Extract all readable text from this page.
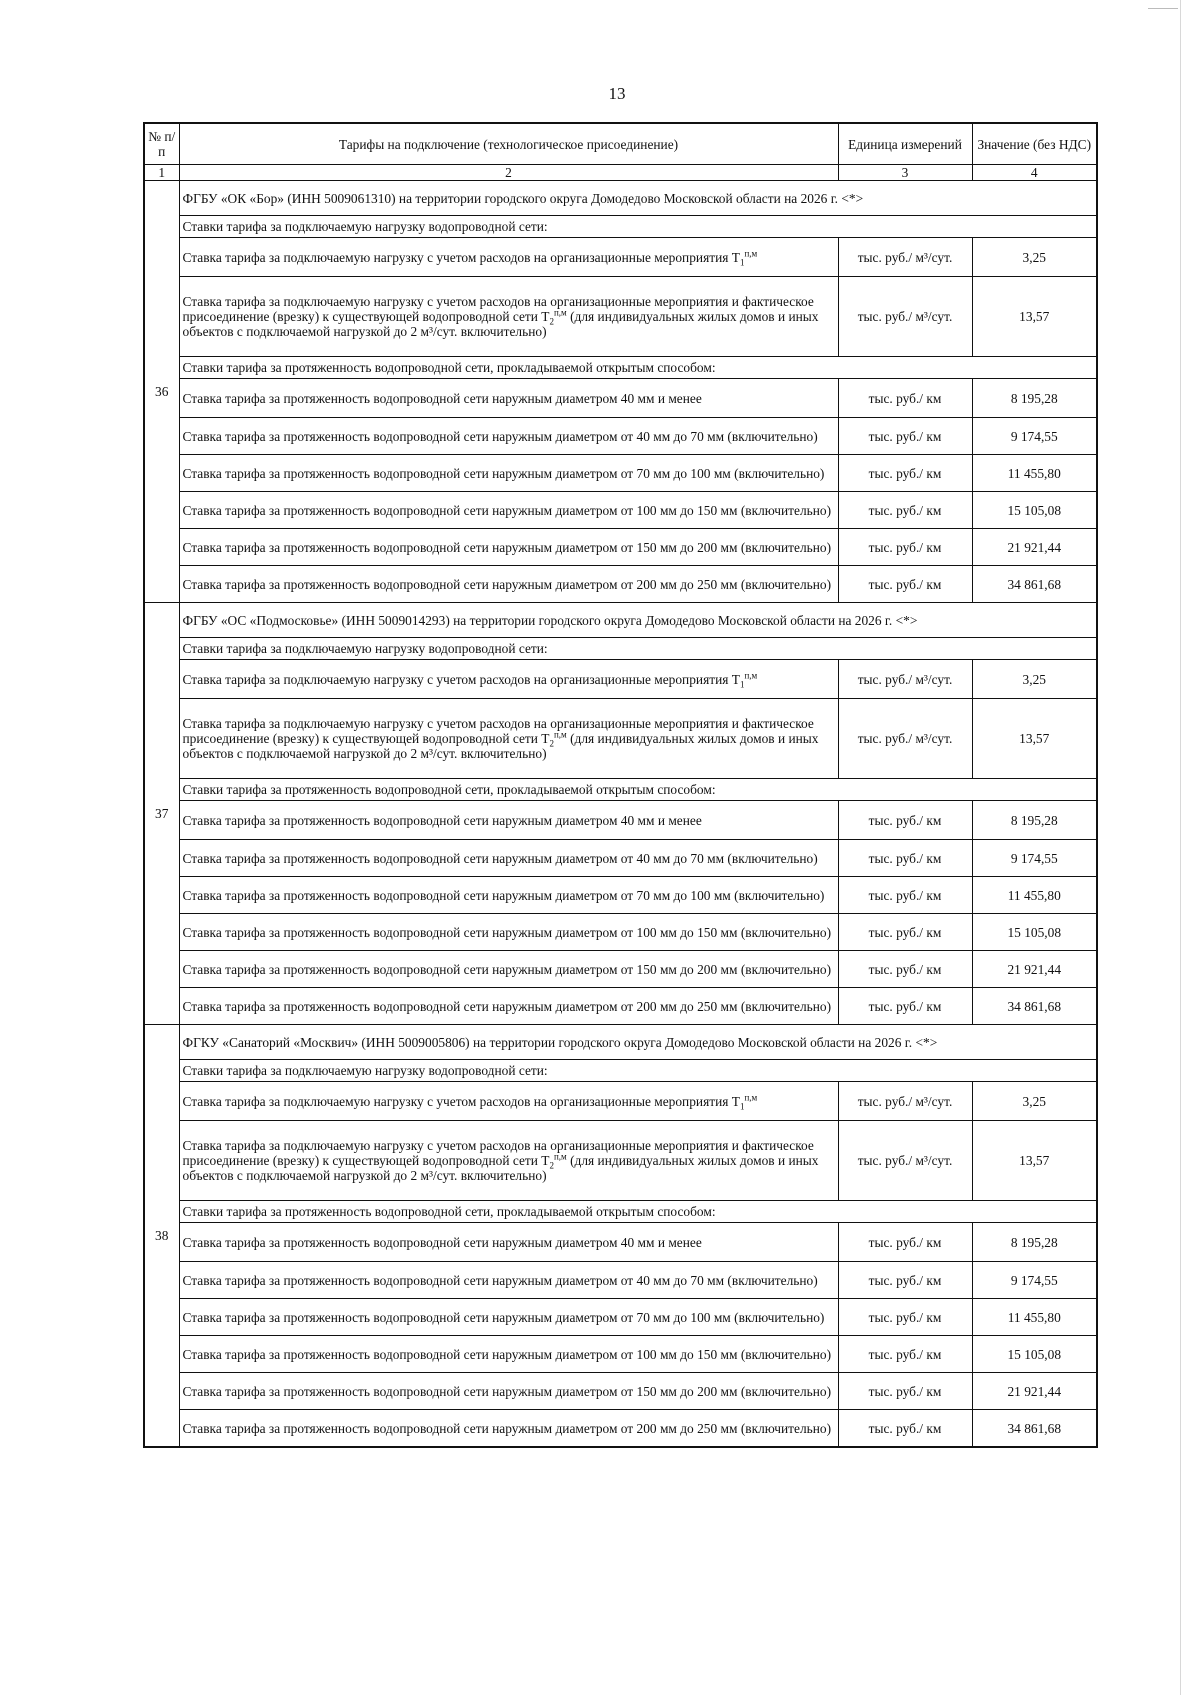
13
№ п/п	Тарифы на подключение (технологическое присоединение)	Единица измерений	Значение (без НДС)
1	2	3	4
36	ФГБУ «ОК «Бор» (ИНН 5009061310) на территории городского округа Домодедово Московской области на 2026 г. <*>		
	Ставки тарифа за подключаемую нагрузку водопроводной сети:		
	Ставка тарифа за подключаемую нагрузку с учетом расходов на организационные мероприятия $Т_1^{п,м}$	тыс. руб./ м³/сут.	3,25
	Ставка тарифа за подключаемую нагрузку с учетом расходов на организационные мероприятия и фактическое присоединение (врезку) к существующей водопроводной сети $Т_2^{п,м}$ (для индивидуальных жилых домов и иных объектов с подключаемой нагрузкой до 2 м³/сут. включительно)	тыс. руб./ м³/сут.	13,57
	Ставки тарифа за протяженность водопроводной сети, прокладываемой открытым способом:		
	Ставка тарифа за протяженность водопроводной сети наружным диаметром 40 мм и менее	тыс. руб./ км	8 195,28
	Ставка тарифа за протяженность водопроводной сети наружным диаметром от 40 мм до 70 мм (включительно)	тыс. руб./ км	9 174,55
	Ставка тарифа за протяженность водопроводной сети наружным диаметром от 70 мм до 100 мм (включительно)	тыс. руб./ км	11 455,80
	Ставка тарифа за протяженность водопроводной сети наружным диаметром от 100 мм до 150 мм (включительно)	тыс. руб./ км	15 105,08
	Ставка тарифа за протяженность водопроводной сети наружным диаметром от 150 мм до 200 мм (включительно)	тыс. руб./ км	21 921,44
	Ставка тарифа за протяженность водопроводной сети наружным диаметром от 200 мм до 250 мм (включительно)	тыс. руб./ км	34 861,68
37	ФГБУ «ОС «Подмосковье» (ИНН 5009014293) на территории городского округа Домодедово Московской области на 2026 г. <*>		
	Ставки тарифа за подключаемую нагрузку водопроводной сети:		
	Ставка тарифа за подключаемую нагрузку с учетом расходов на организационные мероприятия $Т_1^{п,м}$	тыс. руб./ м³/сут.	3,25
	Ставка тарифа за подключаемую нагрузку с учетом расходов на организационные мероприятия и фактическое присоединение (врезку) к существующей водопроводной сети $Т_2^{п,м}$ (для индивидуальных жилых домов и иных объектов с подключаемой нагрузкой до 2 м³/сут. включительно)	тыс. руб./ м³/сут.	13,57
	Ставки тарифа за протяженность водопроводной сети, прокладываемой открытым способом:		
	Ставка тарифа за протяженность водопроводной сети наружным диаметром 40 мм и менее	тыс. руб./ км	8 195,28
	Ставка тарифа за протяженность водопроводной сети наружным диаметром от 40 мм до 70 мм (включительно)	тыс. руб./ км	9 174,55
	Ставка тарифа за протяженность водопроводной сети наружным диаметром от 70 мм до 100 мм (включительно)	тыс. руб./ км	11 455,80
	Ставка тарифа за протяженность водопроводной сети наружным диаметром от 100 мм до 150 мм (включительно)	тыс. руб./ км	15 105,08
	Ставка тарифа за протяженность водопроводной сети наружным диаметром от 150 мм до 200 мм (включительно)	тыс. руб./ км	21 921,44
	Ставка тарифа за протяженность водопроводной сети наружным диаметром от 200 мм до 250 мм (включительно)	тыс. руб./ км	34 861,68
38	ФГКУ «Санаторий «Москвич» (ИНН 5009005806) на территории городского округа Домодедово Московской области на 2026 г. <*>		
	Ставки тарифа за подключаемую нагрузку водопроводной сети:		
	Ставка тарифа за подключаемую нагрузку с учетом расходов на организационные мероприятия $Т_1^{п,м}$	тыс. руб./ м³/сут.	3,25
	Ставка тарифа за подключаемую нагрузку с учетом расходов на организационные мероприятия и фактическое присоединение (врезку) к существующей водопроводной сети $Т_2^{п,м}$ (для индивидуальных жилых домов и иных объектов с подключаемой нагрузкой до 2 м³/сут. включительно)	тыс. руб./ м³/сут.	13,57
	Ставки тарифа за протяженность водопроводной сети, прокладываемой открытым способом:		
	Ставка тарифа за протяженность водопроводной сети наружным диаметром 40 мм и менее	тыс. руб./ км	8 195,28
	Ставка тарифа за протяженность водопроводной сети наружным диаметром от 40 мм до 70 мм (включительно)	тыс. руб./ км	9 174,55
	Ставка тарифа за протяженность водопроводной сети наружным диаметром от 70 мм до 100 мм (включительно)	тыс. руб./ км	11 455,80
	Ставка тарифа за протяженность водопроводной сети наружным диаметром от 100 мм до 150 мм (включительно)	тыс. руб./ км	15 105,08
	Ставка тарифа за протяженность водопроводной сети наружным диаметром от 150 мм до 200 мм (включительно)	тыс. руб./ км	21 921,44
	Ставка тарифа за протяженность водопроводной сети наружным диаметром от 200 мм до 250 мм (включительно)	тыс. руб./ км	34 861,68
